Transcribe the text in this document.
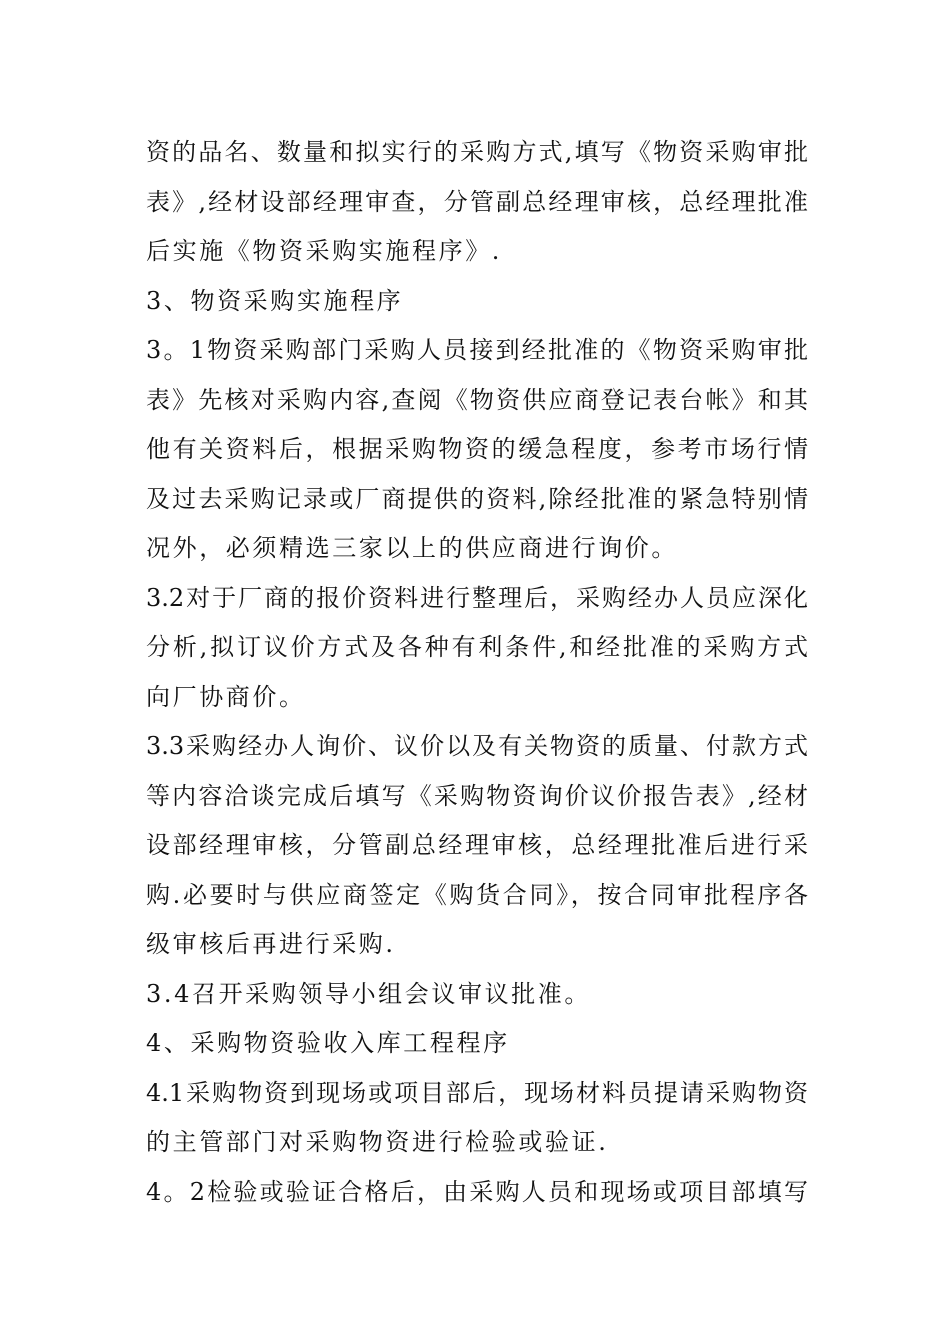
资的品名、数量和拟实行的采购方式,填写《物资采购审批
表》,经材设部经理审查，分管副总经理审核，总经理批准
后实施《物资采购实施程序》.
3、物资采购实施程序
3。1物资采购部门采购人员接到经批准的《物资采购审批
表》先核对采购内容,查阅《物资供应商登记表台帐》和其
他有关资料后，根据采购物资的缓急程度，参考市场行情
及过去采购记录或厂商提供的资料,除经批准的紧急特别情
况外，必须精选三家以上的供应商进行询价。
3.2对于厂商的报价资料进行整理后，采购经办人员应深化
分析,拟订议价方式及各种有利条件,和经批准的采购方式
向厂协商价。
3.3采购经办人询价、议价以及有关物资的质量、付款方式
等内容洽谈完成后填写《采购物资询价议价报告表》,经材
设部经理审核，分管副总经理审核，总经理批准后进行采
购.必要时与供应商签定《购货合同》，按合同审批程序各
级审核后再进行采购.
3.4召开采购领导小组会议审议批准。
4、采购物资验收入库工程程序
4.1采购物资到现场或项目部后，现场材料员提请采购物资
的主管部门对采购物资进行检验或验证.
4。2检验或验证合格后，由采购人员和现场或项目部填写
